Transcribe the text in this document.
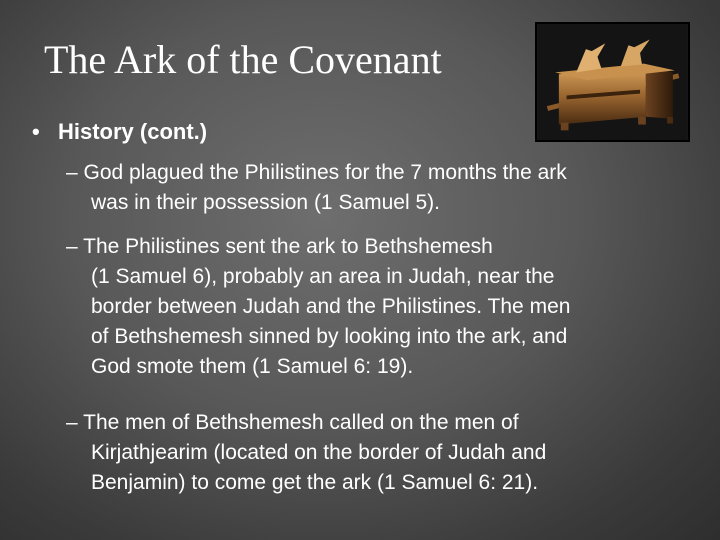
The Ark of the Covenant
• History (cont.)
– God plagued the Philistines for the 7 months the ark
was in their possession (1 Samuel 5).
– The Philistines sent the ark to Bethshemesh
(1 Samuel 6), probably an area in Judah, near the
border between Judah and the Philistines. The men
of Bethshemesh sinned by looking into the ark, and
God smote them (1 Samuel 6: 19).
– The men of Bethshemesh called on the men of
Kirjathjearim (located on the border of Judah and
Benjamin) to come get the ark (1 Samuel 6: 21).
